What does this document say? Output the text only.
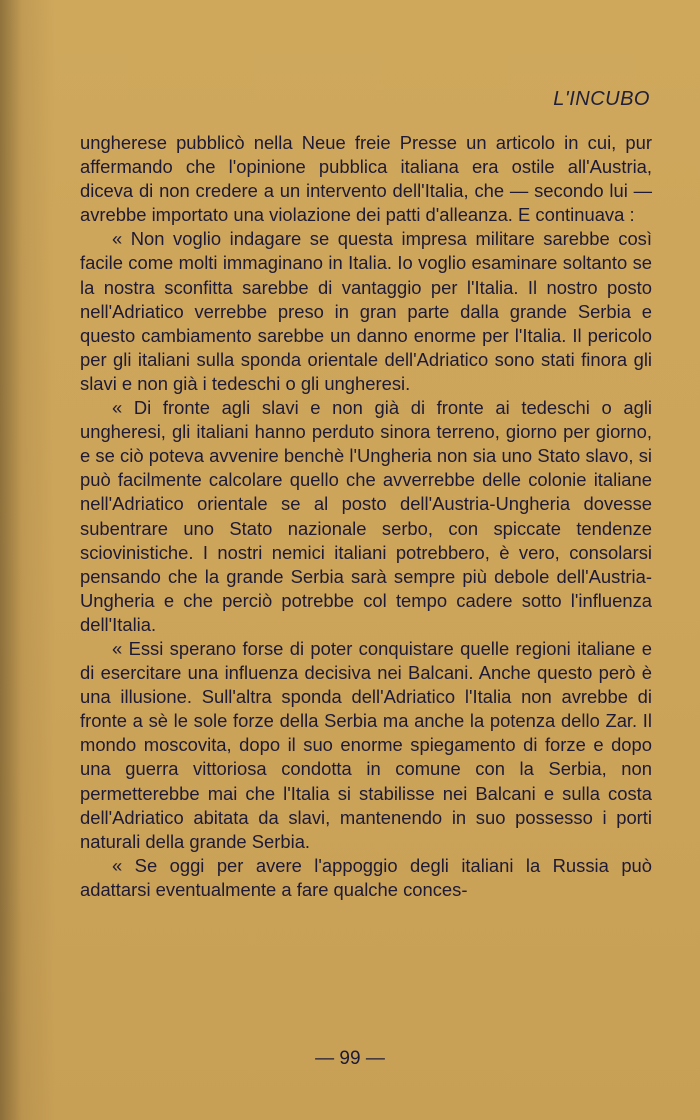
L'INCUBO

ungherese pubblicò nella Neue freie Presse un articolo in cui, pur affermando che l'opinione pubblica italiana era ostile all'Austria, diceva di non credere a un intervento dell'Italia, che — secondo lui — avrebbe importato una violazione dei patti d'alleanza. E continuava :

« Non voglio indagare se questa impresa militare sarebbe così facile come molti immaginano in Italia. Io voglio esaminare soltanto se la nostra sconfitta sarebbe di vantaggio per l'Italia. Il nostro posto nell'Adriatico verrebbe preso in gran parte dalla grande Serbia e questo cambiamento sarebbe un danno enorme per l'Italia. Il pericolo per gli italiani sulla sponda orientale dell'Adriatico sono stati finora gli slavi e non già i tedeschi o gli ungheresi.

« Di fronte agli slavi e non già di fronte ai tedeschi o agli ungheresi, gli italiani hanno perduto sinora terreno, giorno per giorno, e se ciò poteva avvenire benchè l'Ungheria non sia uno Stato slavo, si può facilmente calcolare quello che avverrebbe delle colonie italiane nell'Adriatico orientale se al posto dell'Austria-Ungheria dovesse subentrare uno Stato nazionale serbo, con spiccate tendenze sciovinistiche. I nostri nemici italiani potrebbero, è vero, consolarsi pensando che la grande Serbia sarà sempre più debole dell'Austria-Ungheria e che perciò potrebbe col tempo cadere sotto l'influenza dell'Italia.

« Essi sperano forse di poter conquistare quelle regioni italiane e di esercitare una influenza decisiva nei Balcani. Anche questo però è una illusione. Sull'altra sponda dell'Adriatico l'Italia non avrebbe di fronte a sè le sole forze della Serbia ma anche la potenza dello Zar. Il mondo moscovita, dopo il suo enorme spiegamento di forze e dopo una guerra vittoriosa condotta in comune con la Serbia, non permetterebbe mai che l'Italia si stabilisse nei Balcani e sulla costa dell'Adriatico abitata da slavi, mantenendo in suo possesso i porti naturali della grande Serbia.

« Se oggi per avere l'appoggio degli italiani la Russia può adattarsi eventualmente a fare qualche conces-

— 99 —
